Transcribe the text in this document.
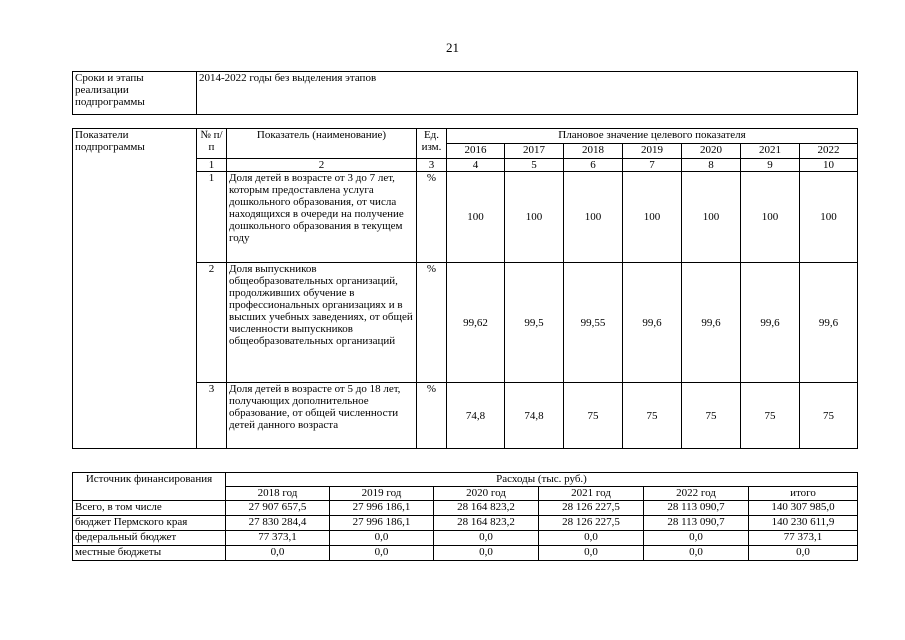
21
Сроки и этапы реализации подпрограммы	2014-2022 годы без выделения этапов
Показатели подпрограммы	№ п/п	Показатель (наименование)	Ед. изм.	Плановое значение целевого показателя						
				2016	2017	2018	2019	2020	2021	2022
	1	2	3	4	5	6	7	8	9	10
	1	Доля детей в возрасте от 3 до 7 лет, которым предоставлена услуга дошкольного образования, от числа находящихся в очереди на получение дошкольного образования в текущем году	%	100	100	100	100	100	100	100
	2	Доля выпускников общеобразовательных организаций, продолживших обучение в профессиональных организациях и в высших учебных заведениях, от общей численности выпускников общеобразовательных организаций	%	99,62	99,5	99,55	99,6	99,6	99,6	99,6
	3	Доля детей в возрасте от 5 до 18 лет, получающих дополнительное образование, от общей численности детей данного возраста	%	74,8	74,8	75	75	75	75	75
Источник финансирования	Расходы (тыс. руб.)					
	2018 год	2019 год	2020 год	2021 год	2022 год	итого
Всего, в том числе	27 907 657,5	27 996 186,1	28 164 823,2	28 126 227,5	28 113 090,7	140 307 985,0
бюджет Пермского края	27 830 284,4	27 996 186,1	28 164 823,2	28 126 227,5	28 113 090,7	140 230 611,9
федеральный бюджет	77 373,1	0,0	0,0	0,0	0,0	77 373,1
местные бюджеты	0,0	0,0	0,0	0,0	0,0	0,0
